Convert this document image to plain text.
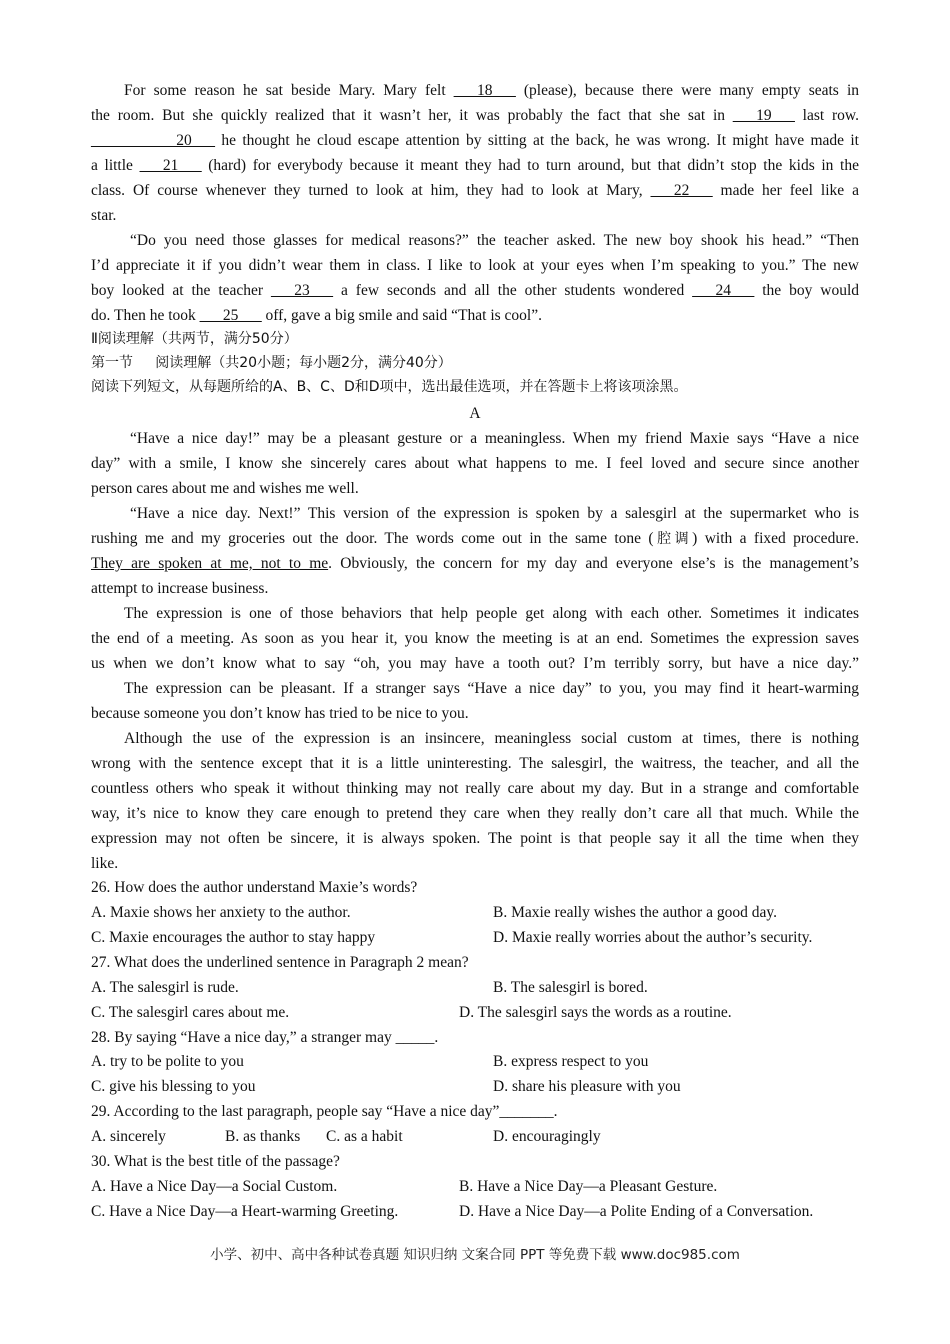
For some reason he sat beside Mary. Mary felt ___18___ (please), because there were many empty seats in
the room. But she quickly realized that it wasn’t her, it was probably the fact that she sat in ___19___ last row.
___________20___ he thought he cloud escape attention by sitting at the back, he was wrong. It might have made it
a little ___21___ (hard) for everybody because it meant they had to turn around, but that didn’t stop the kids in the
class. Of course whenever they turned to look at him, they had to look at Mary, ___22___ made her feel like a
star.
“Do you need those glasses for medical reasons?” the teacher asked. The new boy shook his head.” “Then
I’d appreciate it if you didn’t wear them in class. I like to look at your eyes when I’m speaking to you.” The new
boy looked at the teacher ___23___ a few seconds and all the other students wondered ___24___ the boy would
do. Then he took ___25___ off, gave a big smile and said “That is cool”.
Ⅱ阅读理解（共两节，满分50分）
第一节     阅读理解（共20小题；每小题2分，满分40分）
阅读下列短文，从每题所给的A、B、C、D和D项中，选出最佳选项，并在答题卡上将该项涂黑。
A
“Have a nice day!” may be a pleasant gesture or a meaningless. When my friend Maxie says “Have a nice
day” with a smile, I know she sincerely cares about what happens to me. I feel loved and secure since another
person cares about me and wishes me well.
“Have a nice day. Next!” This version of the expression is spoken by a salesgirl at the supermarket who is
rushing me and my groceries out the door. The words come out in the same tone (腔调) with a fixed procedure.
They are spoken at me, not to me. Obviously, the concern for my day and everyone else’s is the management’s
attempt to increase business.
The expression is one of those behaviors that help people get along with each other. Sometimes it indicates
the end of a meeting. As soon as you hear it, you know the meeting is at an end. Sometimes the expression saves
us when we don’t know what to say “oh, you may have a tooth out? I’m terribly sorry, but have a nice day.”
The expression can be pleasant. If a stranger says “Have a nice day” to you, you may find it heart-warming
because someone you don’t know has tried to be nice to you.
Although the use of the expression is an insincere, meaningless social custom at times, there is nothing
wrong with the sentence except that it is a little uninteresting. The salesgirl, the waitress, the teacher, and all the
countless others who speak it without thinking may not really care about my day. But in a strange and comfortable
way, it’s nice to know they care enough to pretend they care when they really don’t care all that much. While the
expression may not often be sincere, it is always spoken. The point is that people say it all the time when they
like.
26. How does the author understand Maxie’s words?
A. Maxie shows her anxiety to the author.	B. Maxie really wishes the author a good day.
C. Maxie encourages the author to stay happy	D. Maxie really worries about the author’s security.
27. What does the underlined sentence in Paragraph 2 mean?
A. The salesgirl is rude.	B. The salesgirl is bored.
C. The salesgirl cares about me.	D. The salesgirl says the words as a routine.
28. By saying “Have a nice day,” a stranger may _____.
A. try to be polite to you	B. express respect to you
C. give his blessing to you	D. share his pleasure with you
29. According to the last paragraph, people say “Have a nice day”_______.
A. sincerely	B. as thanks C. as a habit	D. encouragingly
30. What is the best title of the passage?
A. Have a Nice Day—a Social Custom.	B. Have a Nice Day—a Pleasant Gesture.
C. Have a Nice Day—a Heart-warming Greeting.	D. Have a Nice Day—a Polite Ending of a Conversation.
小学、初中、高中各种试卷真题 知识归纳 文案合同 PPT 等免费下载 www.doc985.com
